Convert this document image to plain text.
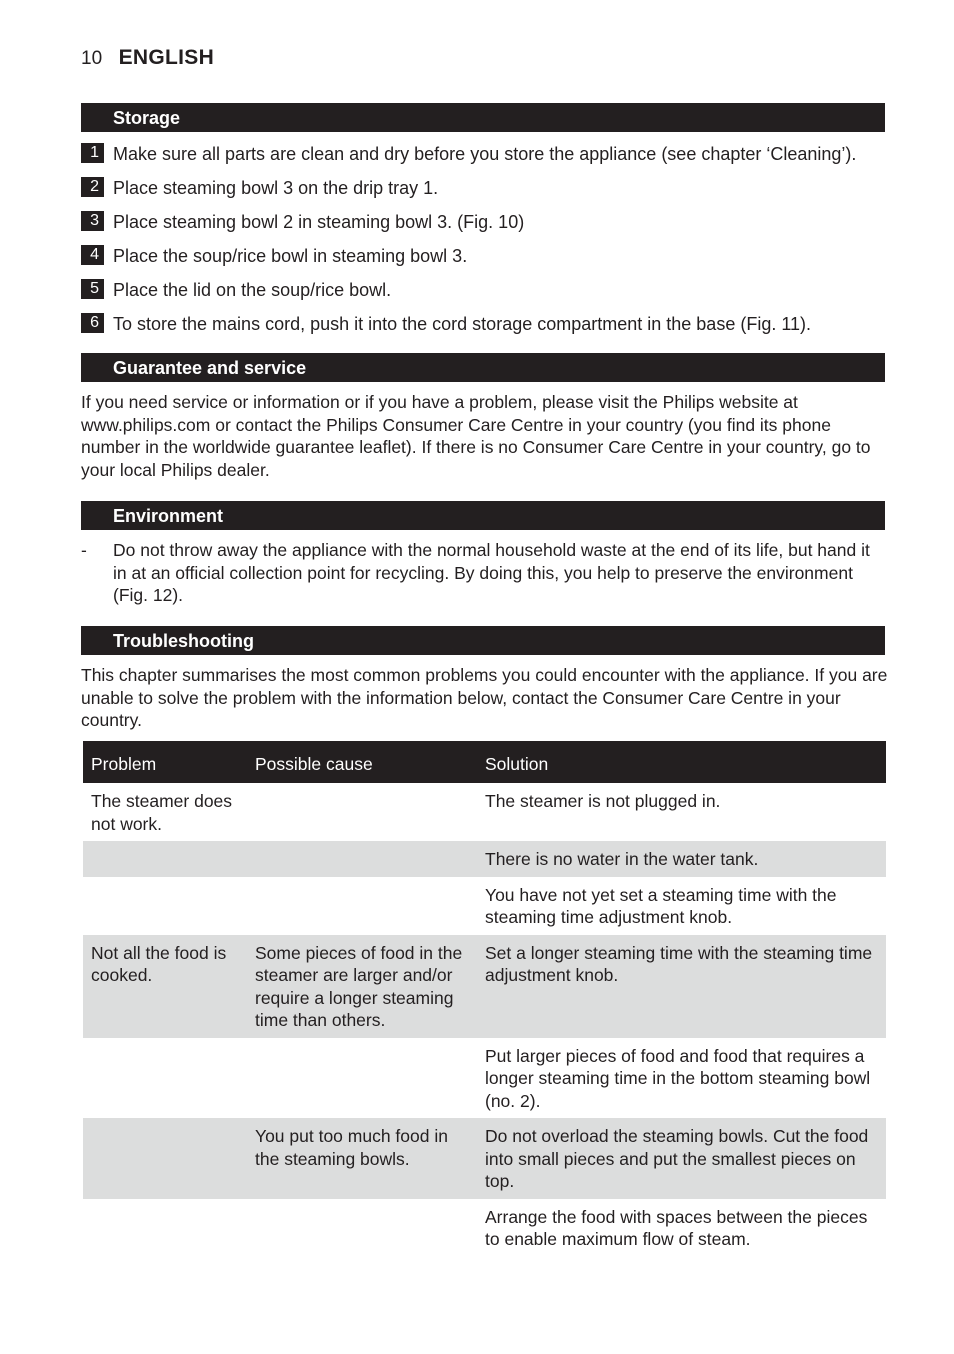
10 ENGLISH
Storage
1 Make sure all parts are clean and dry before you store the appliance (see chapter ‘Cleaning’).
2 Place steaming bowl 3 on the drip tray 1.
3 Place steaming bowl 2 in steaming bowl 3. (Fig. 10)
4 Place the soup/rice bowl in steaming bowl 3.
5 Place the lid on the soup/rice bowl.
6 To store the mains cord, push it into the cord storage compartment in the base (Fig. 11).
Guarantee and service
If you need service or information or if you have a problem, please visit the Philips website at www.philips.com or contact the Philips Consumer Care Centre in your country (you find its phone number in the worldwide guarantee leaflet). If there is no Consumer Care Centre in your country, go to your local Philips dealer.
Environment
- Do not throw away the appliance with the normal household waste at the end of its life, but hand it in at an official collection point for recycling. By doing this, you help to preserve the environment (Fig. 12).
Troubleshooting
This chapter summarises the most common problems you could encounter with the appliance. If you are unable to solve the problem with the information below, contact the Consumer Care Centre in your country.
Problem	Possible cause	Solution
The steamer does not work.		The steamer is not plugged in.
		There is no water in the water tank.
		You have not yet set a steaming time with the steaming time adjustment knob.
Not all the food is cooked.	Some pieces of food in the steamer are larger and/or require a longer steaming time than others.	Set a longer steaming time with the steaming time adjustment knob.
		Put larger pieces of food and food that requires a longer steaming time in the bottom steaming bowl (no. 2).
	You put too much food in the steaming bowls.	Do not overload the steaming bowls. Cut the food into small pieces and put the smallest pieces on top.
		Arrange the food with spaces between the pieces to enable maximum flow of steam.
